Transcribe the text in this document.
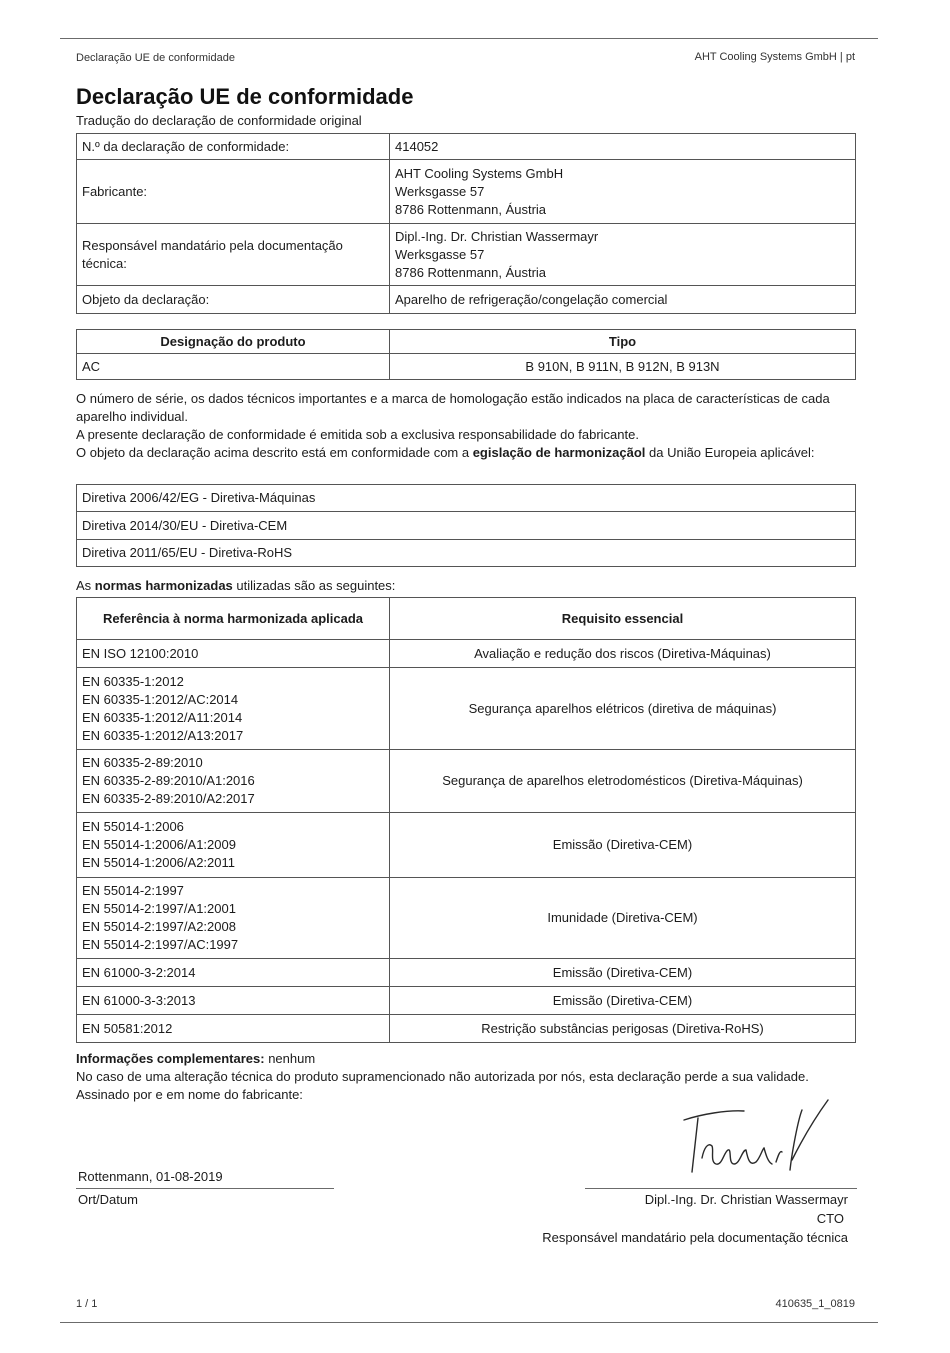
Declaração UE de conformidade	AHT Cooling Systems GmbH | pt
Declaração UE de conformidade
Tradução do declaração de conformidade original
N.º da declaração de conformidade:	414052
Fabricante:	AHT Cooling Systems GmbH
Werksgasse 57
8786 Rottenmann, Áustria

Responsável mandatário pela documentação técnica:	Dipl.-Ing. Dr. Christian Wassermayr
Werksgasse 57
8786 Rottenmann, Áustria

Objeto da declaração:	Aparelho de refrigeração/congelação comercial
Designação do produto	Tipo
AC	B 910N, B 911N, B 912N, B 913N
O número de série, os dados técnicos importantes e a marca de homologação estão indicados na placa de características de cada aparelho individual.
A presente declaração de conformidade é emitida sob a exclusiva responsabilidade do fabricante.
O objeto da declaração acima descrito está em conformidade com a egislação de harmonizaçãol da União Europeia aplicável:
Diretiva 2006/42/EG - Diretiva-Máquinas
Diretiva 2014/30/EU - Diretiva-CEM
Diretiva 2011/65/EU - Diretiva-RoHS
As normas harmonizadas utilizadas são as seguintes:
Referência à norma harmonizada aplicada	Requisito essencial

EN ISO 12100:2010	Avaliação e redução dos riscos (Diretiva-Máquinas)

EN 60335-1:2012
EN 60335-1:2012/AC:2014
EN 60335-1:2012/A11:2014
EN 60335-1:2012/A13:2017	Segurança aparelhos elétricos (diretiva de máquinas)

EN 60335-2-89:2010
EN 60335-2-89:2010/A1:2016
EN 60335-2-89:2010/A2:2017	Segurança de aparelhos eletrodomésticos (Diretiva-Máquinas)

EN 55014-1:2006
EN 55014-1:2006/A1:2009
EN 55014-1:2006/A2:2011	Emissão (Diretiva-CEM)

EN 55014-2:1997
EN 55014-2:1997/A1:2001
EN 55014-2:1997/A2:2008
EN 55014-2:1997/AC:1997	Imunidade (Diretiva-CEM)

EN 61000-3-2:2014	Emissão (Diretiva-CEM)

EN 61000-3-3:2013	Emissão (Diretiva-CEM)

EN 50581:2012	Restrição substâncias perigosas (Diretiva-RoHS)
Informações complementares: nenhum
No caso de uma alteração técnica do produto supramencionado não autorizada por nós, esta declaração perde a sua validade.
Assinado por e em nome do fabricante:
Rottenmann, 01-08-2019
Ort/Datum	Dipl.-Ing. Dr. Christian Wassermayr
CTO
Responsável mandatário pela documentação técnica
1 / 1	410635_1_0819
